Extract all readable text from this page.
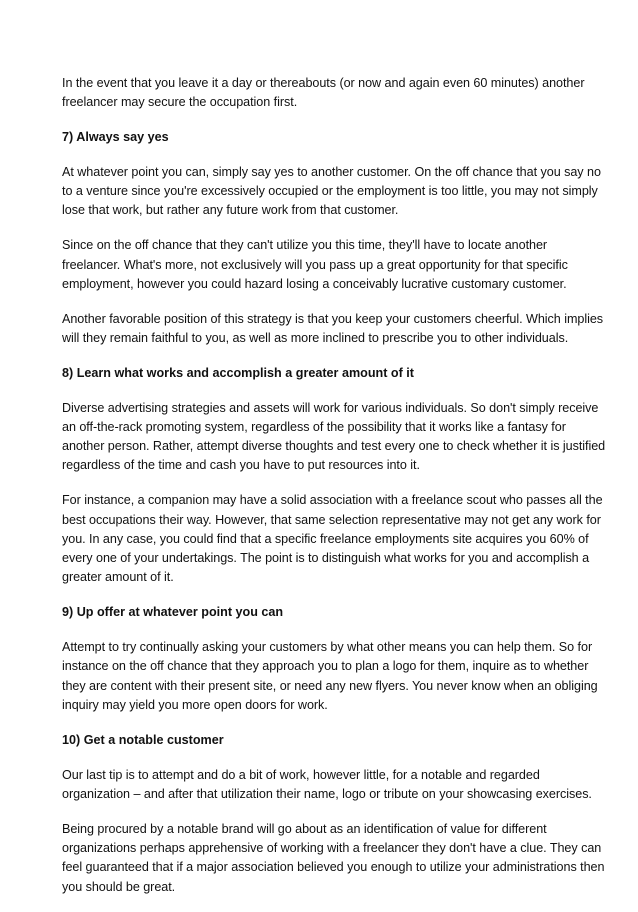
In the event that you leave it a day or thereabouts (or now and again even 60 minutes) another
freelancer may secure the occupation first.

7) Always say yes

At whatever point you can, simply say yes to another customer. On the off chance that you say no
to a venture since you're excessively occupied or the employment is too little, you may not simply
lose that work, but rather any future work from that customer.

Since on the off chance that they can't utilize you this time, they'll have to locate another
freelancer. What's more, not exclusively will you pass up a great opportunity for that specific
employment, however you could hazard losing a conceivably lucrative customary customer.

Another favorable position of this strategy is that you keep your customers cheerful. Which implies
will they remain faithful to you, as well as more inclined to prescribe you to other individuals.

8) Learn what works and accomplish a greater amount of it

Diverse advertising strategies and assets will work for various individuals. So don't simply receive
an off-the-rack promoting system, regardless of the possibility that it works like a fantasy for
another person. Rather, attempt diverse thoughts and test every one to check whether it is justified
regardless of the time and cash you have to put resources into it.

For instance, a companion may have a solid association with a freelance scout who passes all the
best occupations their way. However, that same selection representative may not get any work for
you. In any case, you could find that a specific freelance employments site acquires you 60% of
every one of your undertakings. The point is to distinguish what works for you and accomplish a
greater amount of it.

9) Up offer at whatever point you can

Attempt to try continually asking your customers by what other means you can help them. So for
instance on the off chance that they approach you to plan a logo for them, inquire as to whether
they are content with their present site, or need any new flyers. You never know when an obliging
inquiry may yield you more open doors for work.

10) Get a notable customer

Our last tip is to attempt and do a bit of work, however little, for a notable and regarded
organization – and after that utilization their name, logo or tribute on your showcasing exercises.

Being procured by a notable brand will go about as an identification of value for different
organizations perhaps apprehensive of working with a freelancer they don't have a clue. They can
feel guaranteed that if a major association believed you enough to utilize your administrations then
you should be great.
